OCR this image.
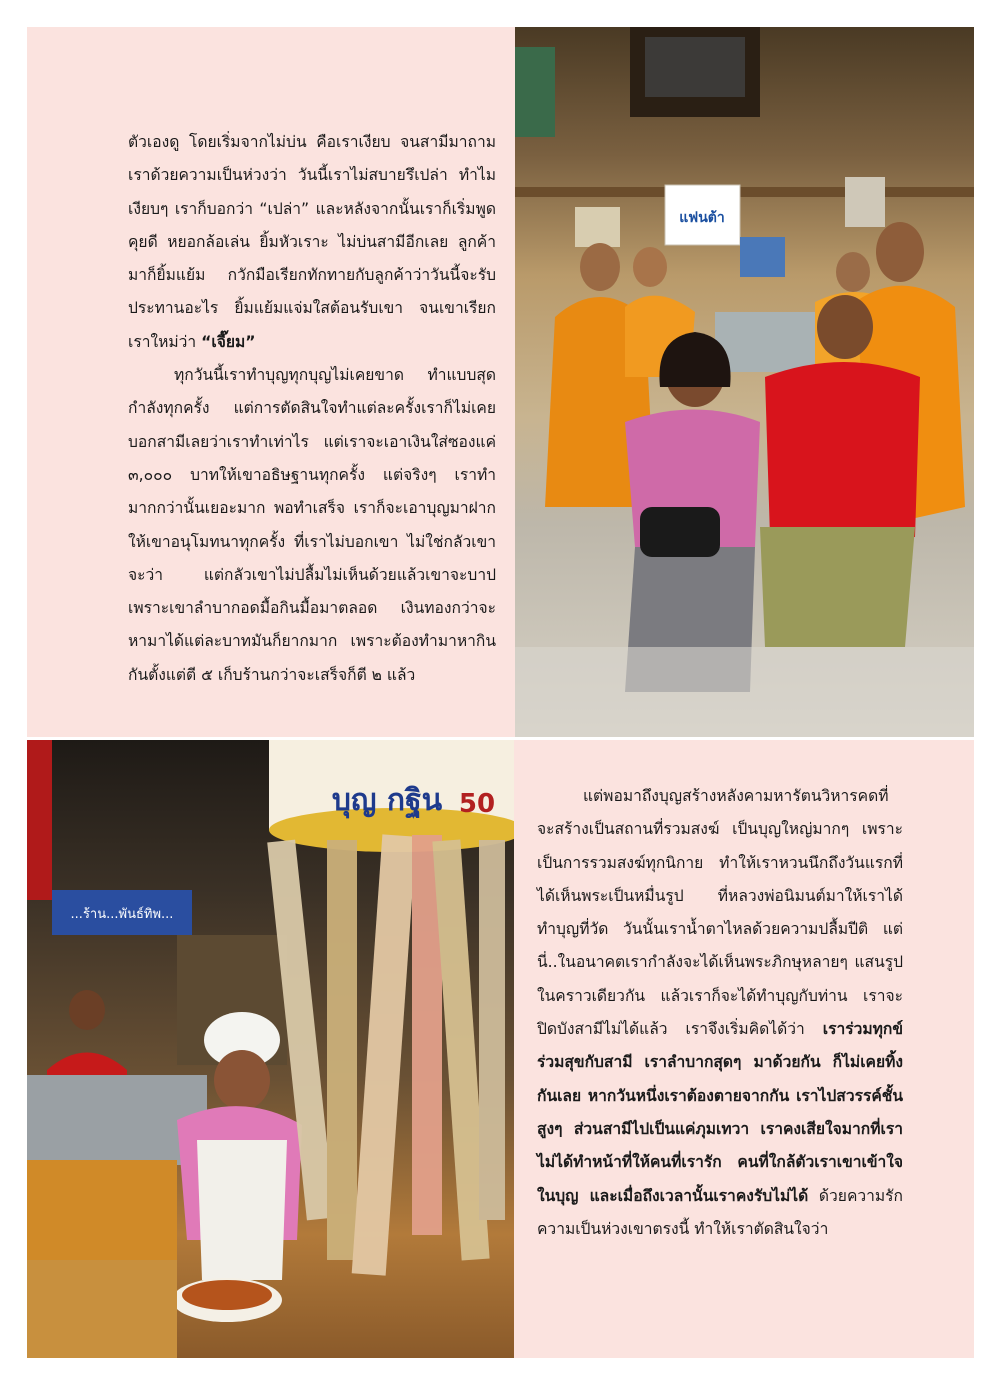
แฟนต้า
...ร้าน...พันธ์ทิพ...
บุญ กฐิน 50

ตัวเองดู โดยเริ่มจากไม่บ่น คือเราเงียบ จนสามีมาถามเราด้วยความเป็นห่วงว่า วันนี้เราไม่สบายรึเปล่า ทำไมเงียบๆ เราก็บอกว่า “เปล่า” และหลังจากนั้นเราก็เริ่มพูดคุยดี หยอกล้อเล่น ยิ้มหัวเราะ ไม่บ่นสามีอีกเลย ลูกค้ามาก็ยิ้มแย้ม กวักมือเรียกทักทายกับลูกค้าว่าวันนี้จะรับประทานอะไร ยิ้มแย้มแจ่มใสต้อนรับเขา จนเขาเรียกเราใหม่ว่า “เจี๊ยม”

ทุกวันนี้เราทำบุญทุกบุญไม่เคยขาด ทำแบบสุดกำลังทุกครั้ง แต่การตัดสินใจทำแต่ละครั้งเราก็ไม่เคยบอกสามีเลยว่าเราทำเท่าไร แต่เราจะเอาเงินใส่ซองแค่ ๓,๐๐๐ บาทให้เขาอธิษฐานทุกครั้ง แต่จริงๆ เราทำมากกว่านั้นเยอะมาก พอทำเสร็จ เราก็จะเอาบุญมาฝากให้เขาอนุโมทนาทุกครั้ง ที่เราไม่บอกเขา ไม่ใช่กลัวเขาจะว่า แต่กลัวเขาไม่ปลื้มไม่เห็นด้วยแล้วเขาจะบาป เพราะเขาลำบากอดมื้อกินมื้อมาตลอด เงินทองกว่าจะหามาได้แต่ละบาทมันก็ยากมาก เพราะต้องทำมาหากินกันตั้งแต่ตี ๕ เก็บร้านกว่าจะเสร็จก็ตี ๒ แล้ว

แต่พอมาถึงบุญสร้างหลังคามหารัตนวิหารคดที่จะสร้างเป็นสถานที่รวมสงฆ์ เป็นบุญใหญ่มากๆ เพราะเป็นการรวมสงฆ์ทุกนิกาย ทำให้เราหวนนึกถึงวันแรกที่ได้เห็นพระเป็นหมื่นรูป ที่หลวงพ่อนิมนต์มาให้เราได้ทำบุญที่วัด วันนั้นเราน้ำตาไหลด้วยความปลื้มปีติ แต่นี่..ในอนาคตเรากำลังจะได้เห็นพระภิกษุหลายๆ แสนรูปในคราวเดียวกัน แล้วเราก็จะได้ทำบุญกับท่าน เราจะปิดบังสามีไม่ได้แล้ว เราจึงเริ่มคิดได้ว่า เราร่วมทุกข์ร่วมสุขกับสามี เราลำบากสุดๆ มาด้วยกัน ก็ไม่เคยทิ้งกันเลย หากวันหนึ่งเราต้องตายจากกัน เราไปสวรรค์ชั้นสูงๆ ส่วนสามีไปเป็นแค่ภุมเทวา เราคงเสียใจมากที่เราไม่ได้ทำหน้าที่ให้คนที่เรารัก คนที่ใกล้ตัวเราเขาเข้าใจในบุญ และเมื่อถึงเวลานั้นเราคงรับไม่ได้ ด้วยความรัก ความเป็นห่วงเขาตรงนี้ ทำให้เราตัดสินใจว่า
